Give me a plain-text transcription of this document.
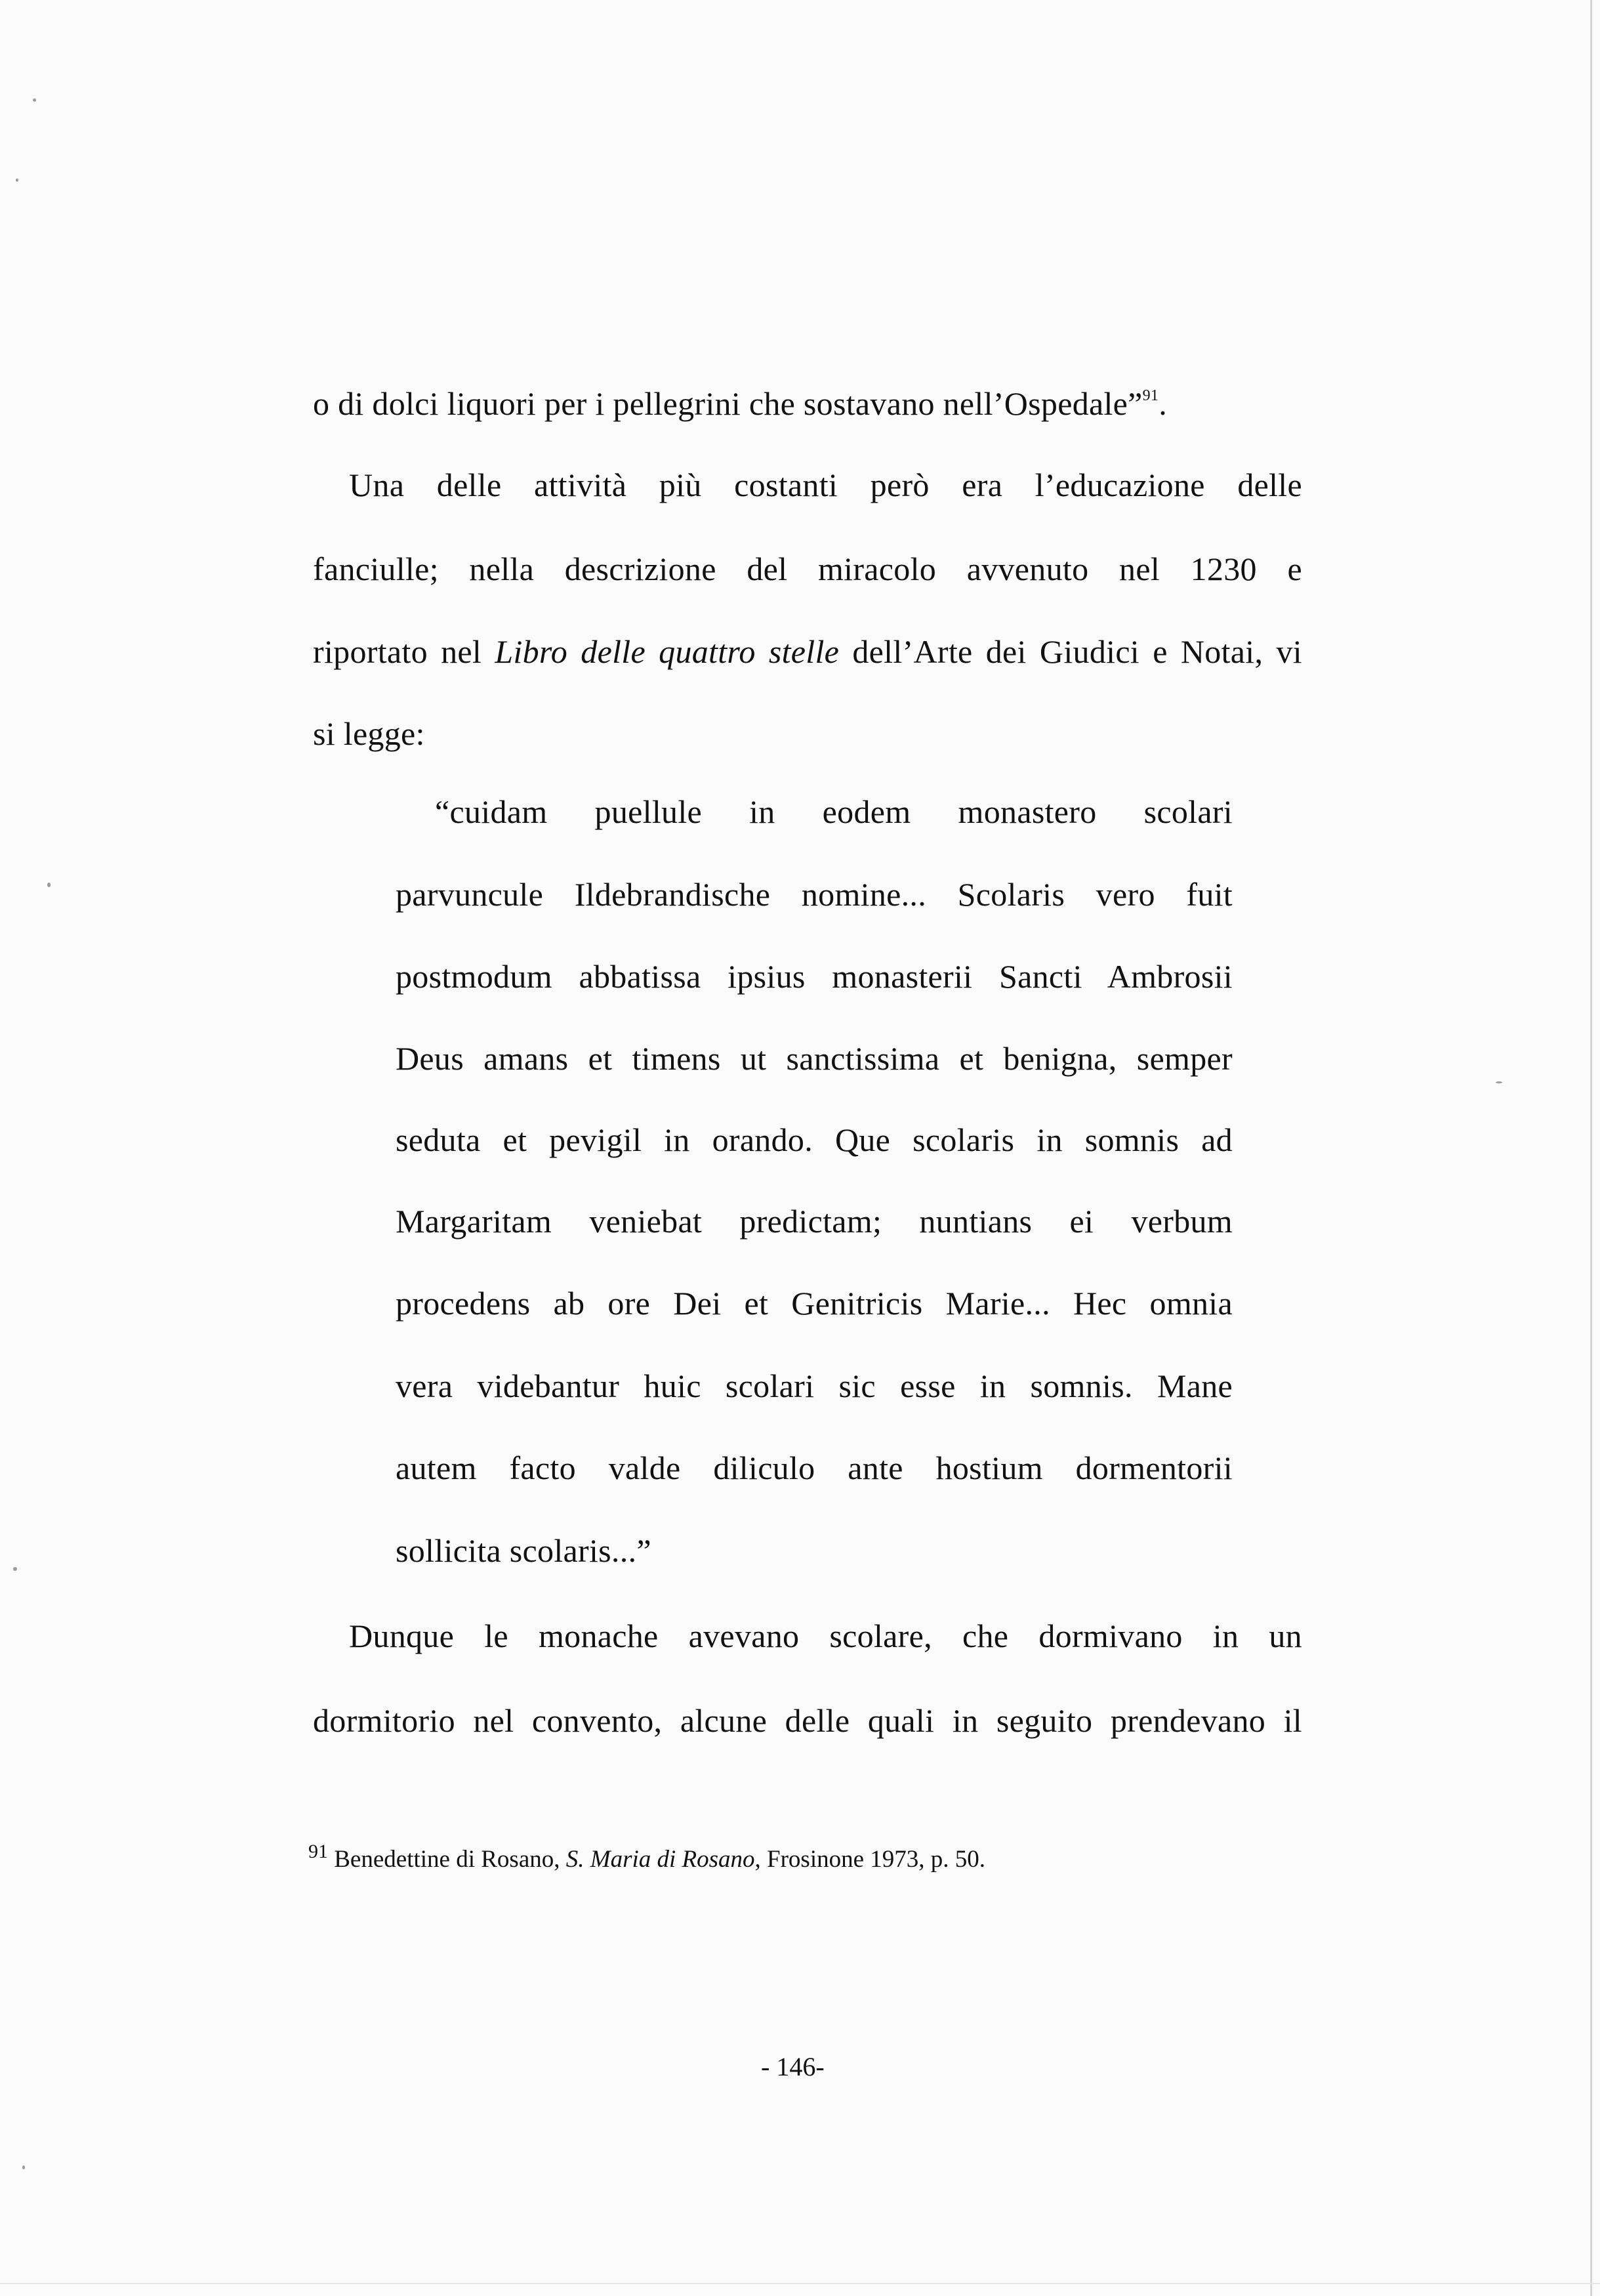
o di dolci liquori per i pellegrini che sostavano nell’Ospedale”$^{91}$.
Una delle attività più costanti però era l’educazione delle
fanciulle; nella descrizione del miracolo avvenuto nel 1230 e
riportato nel Libro delle quattro stelle dell’Arte dei Giudici e Notai, vi
si legge:
“cuidam puellule in eodem monastero scolari
parvuncule Ildebrandische nomine... Scolaris vero fuit
postmodum abbatissa ipsius monasterii Sancti Ambrosii
Deus amans et timens ut sanctissima et benigna, semper
seduta et pevigil in orando. Que scolaris in somnis ad
Margaritam veniebat predictam; nuntians ei verbum
procedens ab ore Dei et Genitricis Marie... Hec omnia
vera videbantur huic scolari sic esse in somnis. Mane
autem facto valde diliculo ante hostium dormentorii
sollicita scolaris...”
Dunque le monache avevano scolare, che dormivano in un
dormitorio nel convento, alcune delle quali in seguito prendevano il
$^{91}$ Benedettine di Rosano, S. Maria di Rosano, Frosinone 1973, p. 50.
- 146-
